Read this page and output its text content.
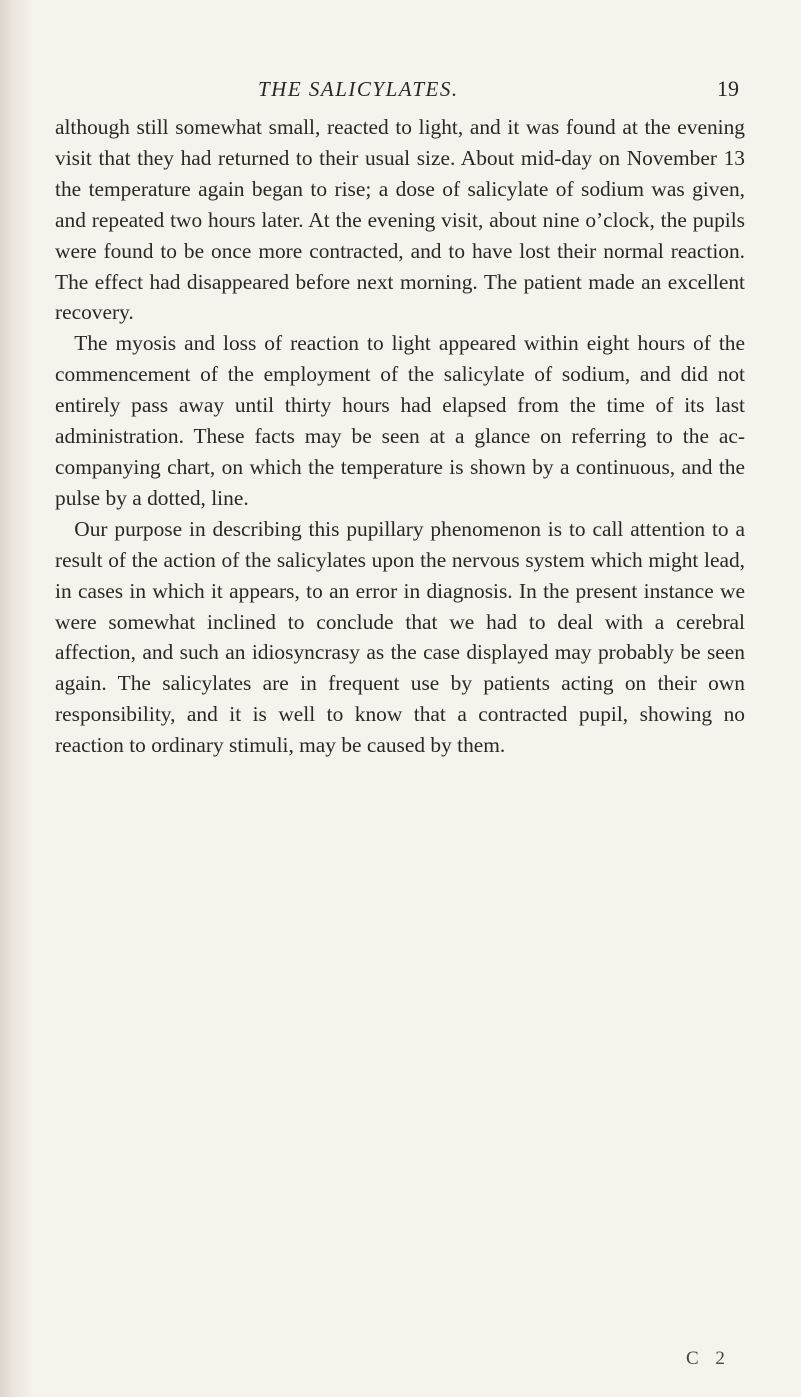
THE SALICYLATES.	19

although still somewhat small, reacted to light, and it was found at the evening visit that they had returned to their usual size. About mid-day on November 13 the temperature again began to rise; a dose of salicylate of sodium was given, and repeated two hours later. At the evening visit, about nine o’clock, the pupils were found to be once more contracted, and to have lost their normal reaction. The effect had disappeared before next morning. The patient made an excellent recovery.

The myosis and loss of reaction to light appeared within eight hours of the commencement of the employment of the salicylate of sodium, and did not entirely pass away until thirty hours had elapsed from the time of its last administration. These facts may be seen at a glance on referring to the accompanying chart, on which the temperature is shown by a continuous, and the pulse by a dotted, line.

Our purpose in describing this pupillary phenomenon is to call attention to a result of the action of the salicylates upon the nervous system which might lead, in cases in which it appears, to an error in diagnosis. In the present instance we were somewhat inclined to conclude that we had to deal with a cerebral affection, and such an idiosyncrasy as the case displayed may probably be seen again. The salicylates are in frequent use by patients acting on their own responsibility, and it is well to know that a contracted pupil, showing no reaction to ordinary stimuli, may be caused by them.

C 2
